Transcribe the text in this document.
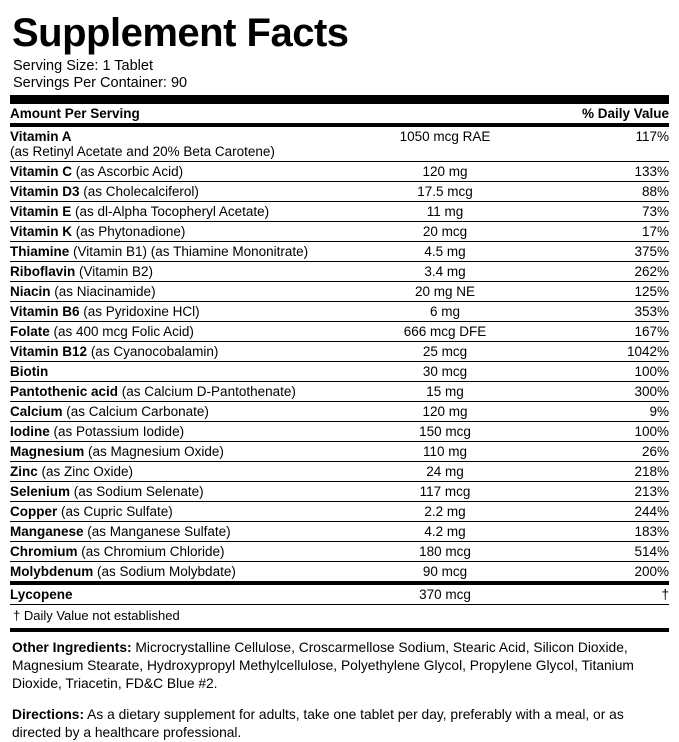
Supplement Facts
Serving Size: 1 Tablet
Servings Per Container: 90
Amount Per Serving		% Daily Value
Vitamin A
(as Retinyl Acetate and 20% Beta Carotene)	1050 mcg RAE	117%
Vitamin C (as Ascorbic Acid)	120 mg	133%
Vitamin D3 (as Cholecalciferol)	17.5 mcg	88%
Vitamin E (as dl-Alpha Tocopheryl Acetate)	11 mg	73%
Vitamin K (as Phytonadione)	20 mcg	17%
Thiamine (Vitamin B1) (as Thiamine Mononitrate)	4.5 mg	375%
Riboflavin (Vitamin B2)	3.4 mg	262%
Niacin (as Niacinamide)	20 mg NE	125%
Vitamin B6 (as Pyridoxine HCl)	6 mg	353%
Folate (as 400 mcg Folic Acid)	666 mcg DFE	167%
Vitamin B12 (as Cyanocobalamin)	25 mcg	1042%
Biotin	30 mcg	100%
Pantothenic acid (as Calcium D-Pantothenate)	15 mg	300%
Calcium (as Calcium Carbonate)	120 mg	9%
Iodine (as Potassium Iodide)	150 mcg	100%
Magnesium (as Magnesium Oxide)	110 mg	26%
Zinc (as Zinc Oxide)	24 mg	218%
Selenium (as Sodium Selenate)	117 mcg	213%
Copper (as Cupric Sulfate)	2.2 mg	244%
Manganese (as Manganese Sulfate)	4.2 mg	183%
Chromium (as Chromium Chloride)	180 mcg	514%
Molybdenum (as Sodium Molybdate)	90 mcg	200%
Lycopene	370 mcg	†
† Daily Value not established
Other Ingredients: Microcrystalline Cellulose, Croscarmellose Sodium, Stearic Acid, Silicon Dioxide, Magnesium Stearate, Hydroxypropyl Methylcellulose, Polyethylene Glycol, Propylene Glycol, Titanium Dioxide, Triacetin, FD&C Blue #2.
Directions: As a dietary supplement for adults, take one tablet per day, preferably with a meal, or as directed by a healthcare professional.
